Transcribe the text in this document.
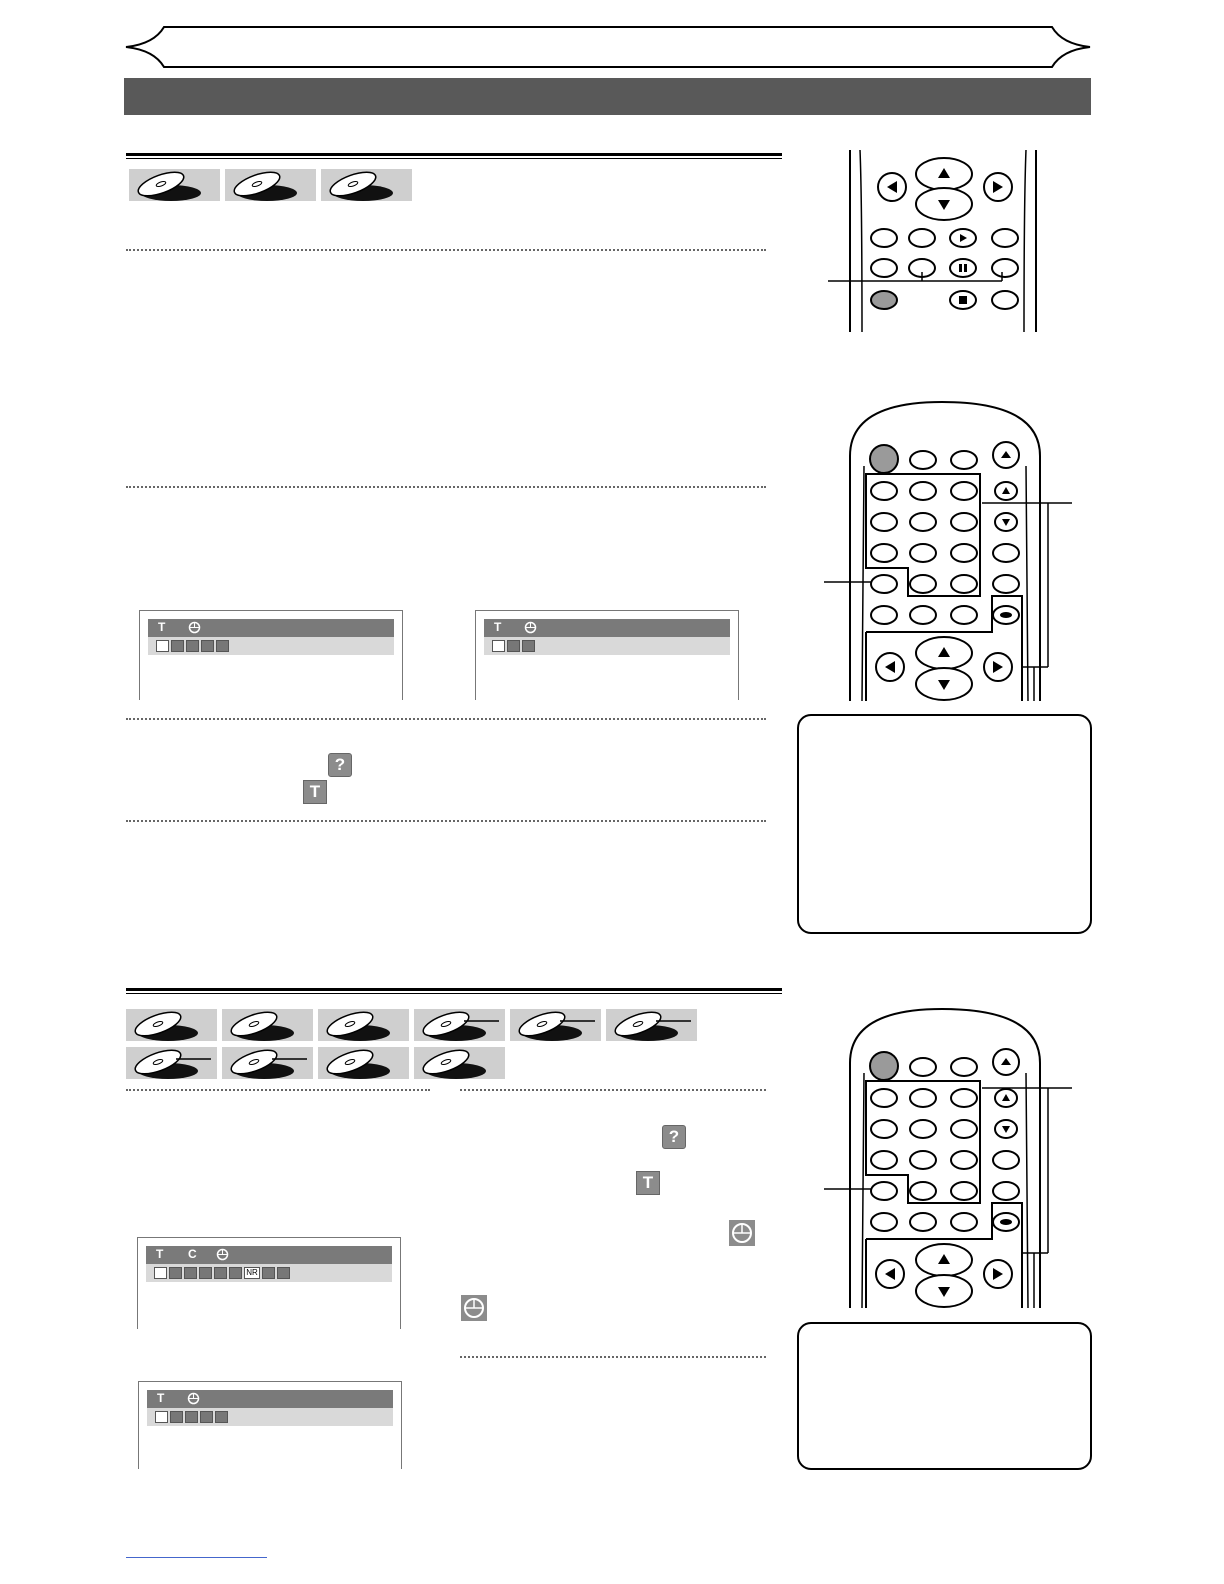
T	T
?
T
T C
NR
T
?
T
